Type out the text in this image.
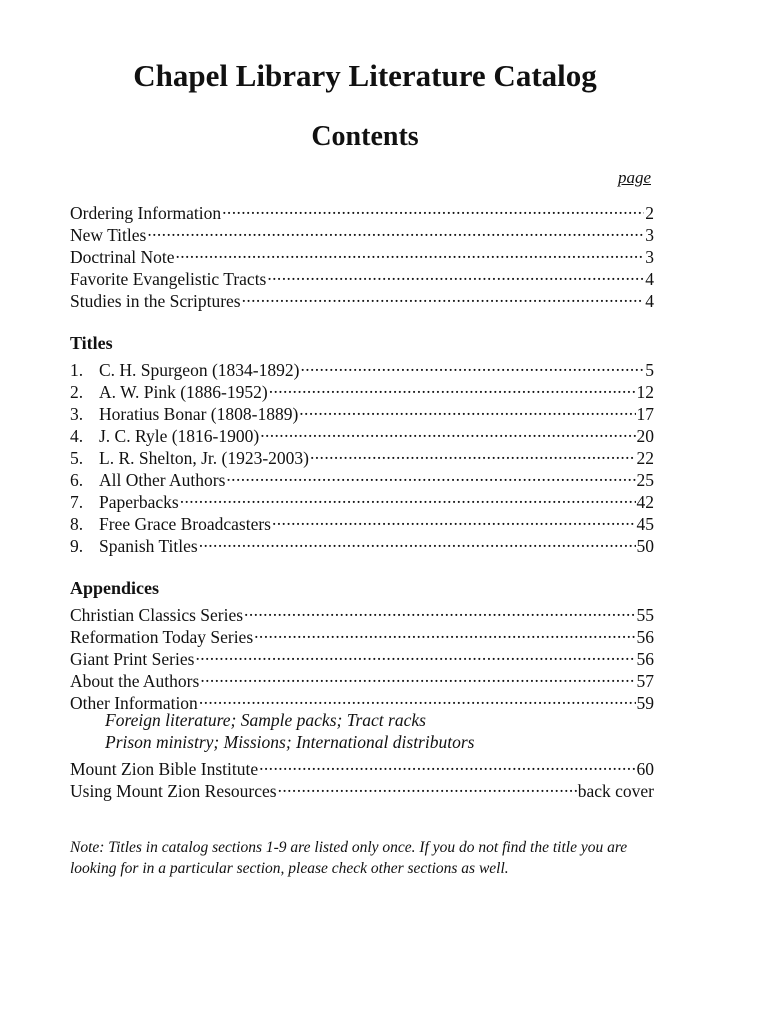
Chapel Library Literature Catalog
Contents
page
Ordering Information .....	2
New Titles .....	3
Doctrinal Note .....	3
Favorite Evangelistic Tracts .....	4
Studies in the Scriptures .....	4
Titles
1. C. H. Spurgeon (1834-1892) .....	5
2. A. W. Pink (1886-1952) .....	12
3. Horatius Bonar (1808-1889) .....	17
4. J. C. Ryle (1816-1900) .....	20
5. L. R. Shelton, Jr. (1923-2003) .....	22
6. All Other Authors .....	25
7. Paperbacks .....	42
8. Free Grace Broadcasters .....	45
9. Spanish Titles .....	50
Appendices
Christian Classics Series .....	55
Reformation Today Series .....	56
Giant Print Series .....	56
About the Authors .....	57
Other Information .....	59
Foreign literature; Sample packs; Tract racks
Prison ministry; Missions; International distributors
Mount Zion Bible Institute .....	60
Using Mount Zion Resources .....	back cover

Note: Titles in catalog sections 1-9 are listed only once. If you do not find the title you are looking for in a particular section, please check other sections as well.
